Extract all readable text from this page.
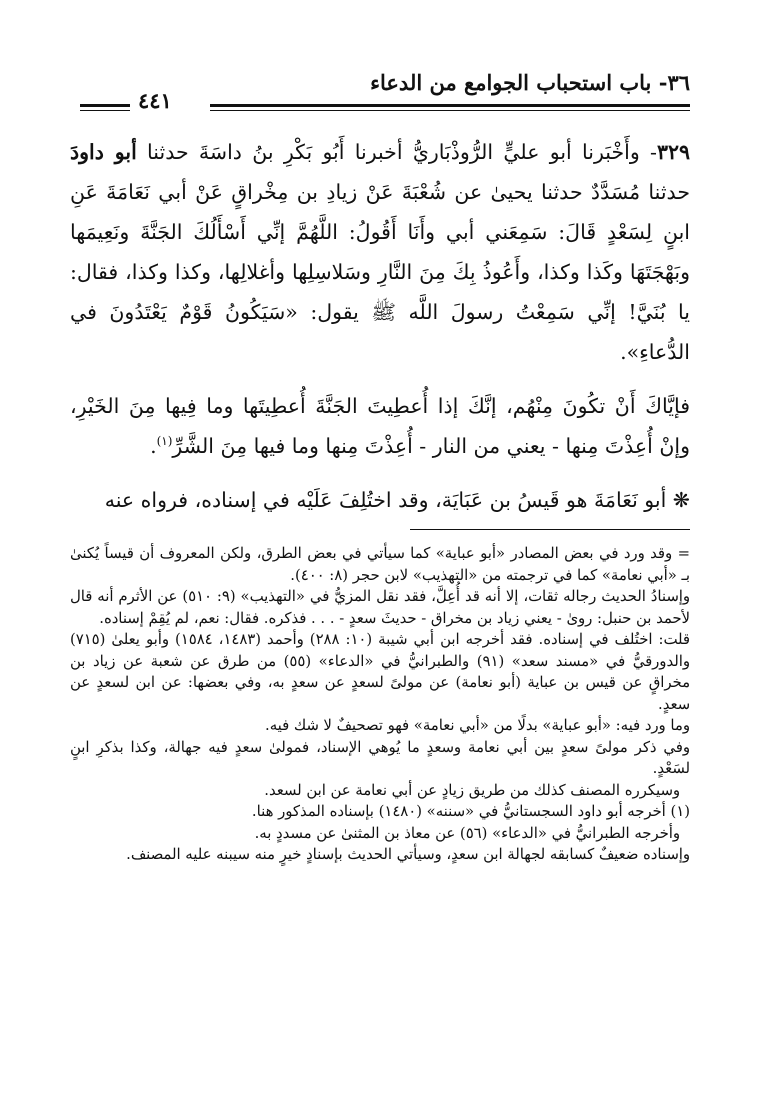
٣٦- باب استحباب الجوامع من الدعاء
٤٤١

٣٢٩- وأَخْبَرنا أبو عليٍّ الرُّوذْبَاريُّ أخبرنا أَبُو بَكْرِ بنُ داسَةَ حدثنا أبو داودَ حدثنا مُسَدَّدٌ حدثنا يحيىٰ عن شُعْبَةَ عَنْ زيادِ بن مِخْراقٍ عَنْ أبي نَعَامَةَ عَنِ ابنٍ لِسَعْدٍ قَالَ: سَمِعَني أبي وأَنَا أَقُولُ: اللَّهُمَّ إنِّي أَسْأَلُكَ الجَنَّةَ ونَعِيمَها وبَهْجَتَهَا وكَذا وكذا، وأَعُوذُ بِكَ مِنَ النَّارِ وسَلاسِلِها وأغلالِها، وكذا وكذا، فقال: يا بُنَيَّ! إنِّي سَمِعْتُ رسولَ اللَّه ﷺ يقول: «سَيَكُونُ قَوْمٌ يَعْتَدُونَ في الدُّعاءِ».

فإيَّاكَ أَنْ تكُونَ مِنْهُم، إنَّكَ إذا أُعطِيتَ الجَنَّةَ أُعطِيتَها وما فِيها مِنَ الخَيْرِ، وإنْ أُعِذْتَ مِنها - يعني من النار - أُعِذْتَ مِنها وما فيها مِنَ الشَّرِّ$^{(١)}$.

❋ أبو نَعَامَةَ هو قَيسُ بن عَبَايَة، وقد اختُلِفَ عَلَيْه في إسناده، فرواه عنه

= وقد ورد في بعض المصادر «أبو عباية» كما سيأتي في بعض الطرق، ولكن المعروف أن قيساً يُكنىٰ بـ «أبي نعامة» كما في ترجمته من «التهذيب» لابن حجر (٨: ٤٠٠).

وإسنادُ الحديث رجاله ثقات، إلا أنه قد أُعِلَّ، فقد نقل المزيُّ في «التهذيب» (٩: ٥١٠) عن الأثرم أنه قال لأحمد بن حنبل: روىٰ - يعني زياد بن مخراق - حديثَ سعدٍ - . . . فذكره. فقال: نعم، لم يُقِمْ إسناده.

قلت: اختُلف في إسناده. فقد أخرجه ابن أبي شيبة (١٠: ٢٨٨) وأحمد (١٤٨٣، ١٥٨٤) وأبو يعلىٰ (٧١٥) والدورقيُّ في «مسند سعد» (٩١) والطبرانيُّ في «الدعاء» (٥٥) من طرق عن شعبة عن زياد بن مخراقٍ عن قيس بن عباية (أبو نعامة) عن مولىً لسعدٍ عن سعدٍ به، وفي بعضها: عن ابن لسعدٍ عن سعدٍ.

وما ورد فيه: «أبو عباية» بدلًا من «أبي نعامة» فهو تصحيفٌ لا شك فيه.

وفي ذكر مولىً سعدٍ بين أبي نعامة وسعدٍ ما يُوهي الإسناد، فمولىٰ سعدٍ فيه جهالة، وكذا بذكرِ ابنٍ لسَعْدٍ.

وسيكرره المصنف كذلك من طريق زيادٍ عن أبي نعامة عن ابن لسعد.

(١) أخرجه أبو داود السجستانيُّ في «سننه» (١٤٨٠) بإسناده المذكور هنا.

وأخرجه الطبرانيُّ في «الدعاء» (٥٦) عن معاذ بن المثنىٰ عن مسددٍ به.

وإسناده ضعيفٌ كسابقه لجهالة ابن سعدٍ، وسيأتي الحديث بإسنادٍ خيرٍ منه سيبنه عليه المصنف.
